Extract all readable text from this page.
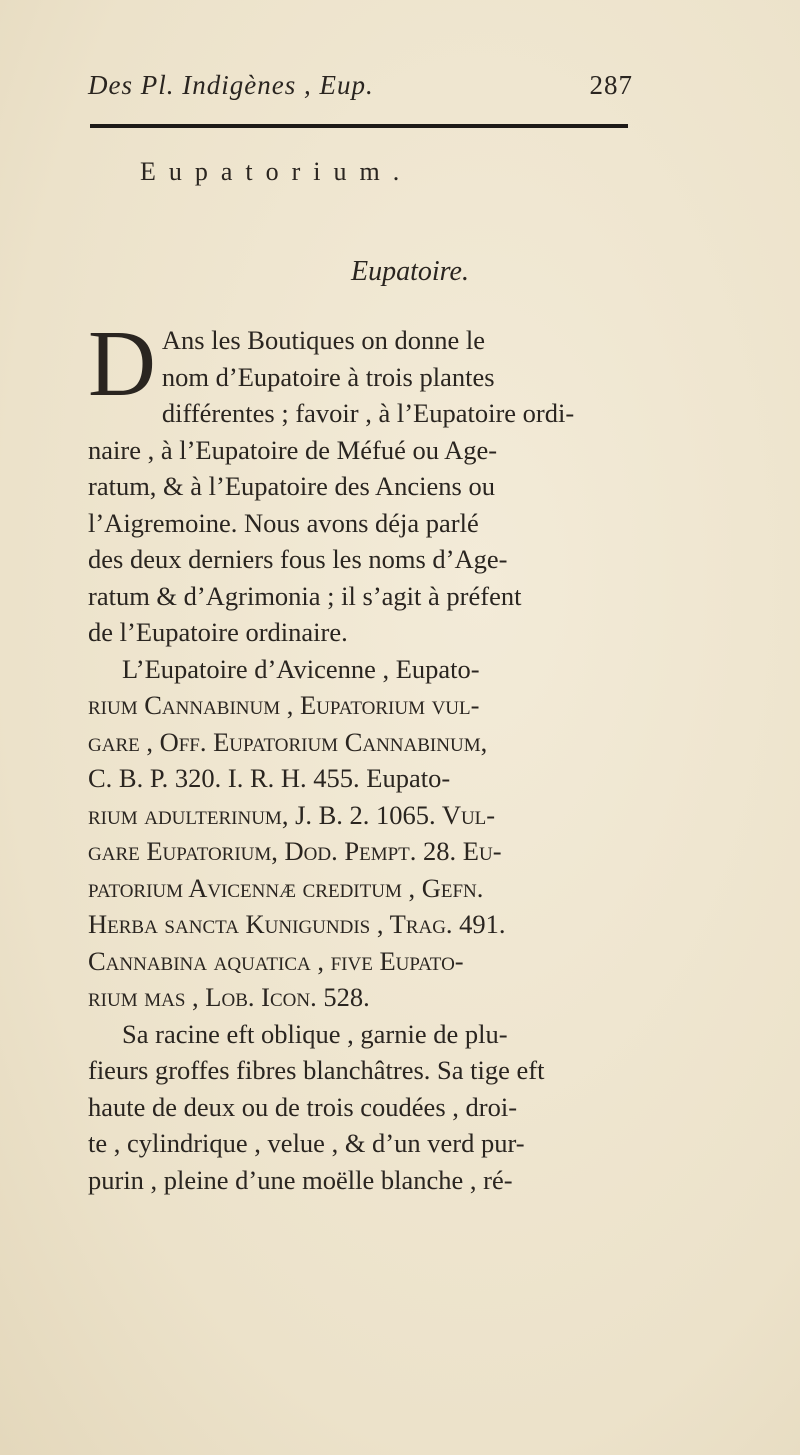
Des Pl. Indigènes , Eup.	287
Eupatorium.
Eupatoire.
D Ans les Boutiques on donne le
nom d’Eupatoire à trois plantes
différentes ; favoir , à l’Eupatoire ordi-
naire , à l’Eupatoire de Méfué ou Age-
ratum, & à l’Eupatoire des Anciens ou
l’Aigremoine. Nous avons déja parlé
des deux derniers fous les noms d’Age-
ratum & d’Agrimonia ; il s’agit à préfent
de l’Eupatoire ordinaire.
L’Eupatoire d’Avicenne , Eupato-
rium Cannabinum , Eupatorium vul-
gare , Off. Eupatorium Cannabinum,
C. B. P. 320. I. R. H. 455. Eupato-
rium adulterinum, J. B. 2. 1065. Vul-
gare Eupatorium, Dod. Pempt. 28. Eu-
patorium Avicennæ creditum , Gefn.
Herba sancta Kunigundis , Trag. 491.
Cannabina aquatica , five Eupato-
rium mas , Lob. Icon. 528.
Sa racine eft oblique , garnie de plu-
fieurs groffes fibres blanchâtres. Sa tige eft
haute de deux ou de trois coudées , droi-
te , cylindrique , velue , & d’un verd pur-
purin , pleine d’une moëlle blanche , ré-
